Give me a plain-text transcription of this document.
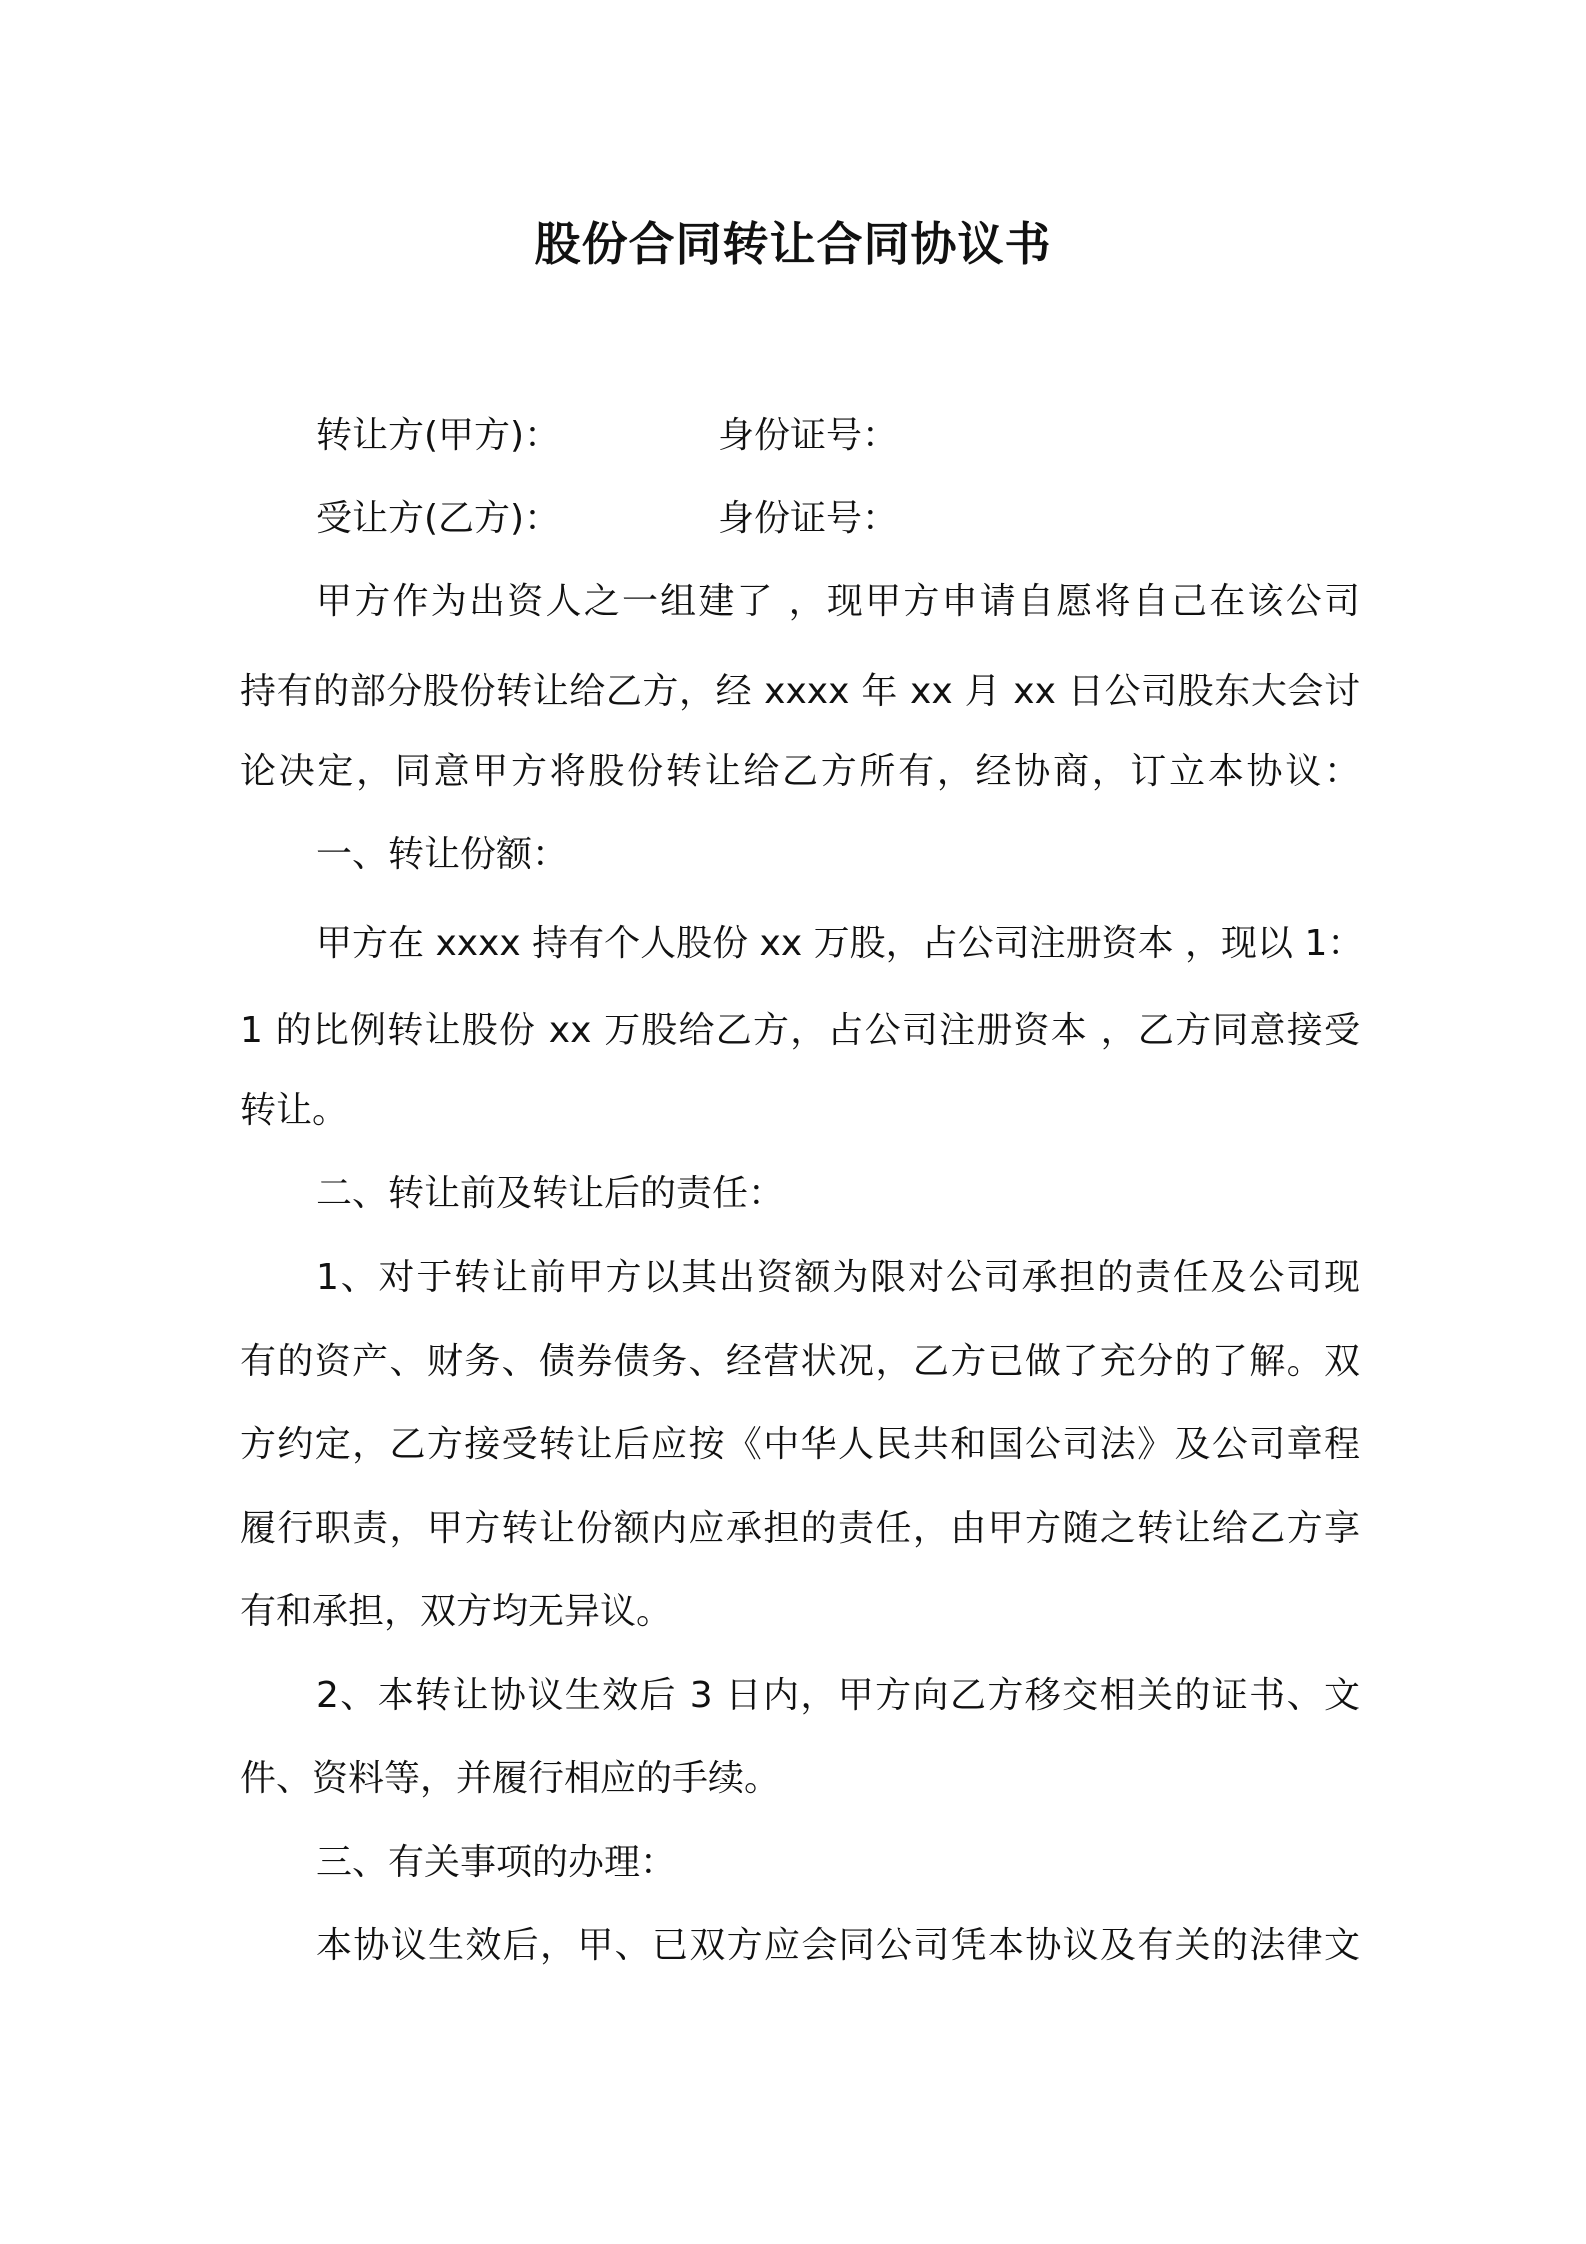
股份合同转让合同协议书
转让方(甲方)：	身份证号：
受让方(乙方)：	身份证号：

甲方作为出资人之一组建了 ，现甲方申请自愿将自己在该公司

持有的部分股份转让给乙方，经 xxxx 年 xx 月 xx 日公司股东大会讨

论决定，同意甲方将股份转让给乙方所有，经协商，订立本协议：

一、转让份额：

甲方在 xxxx 持有个人股份 xx 万股，占公司注册资本 ，现以 1：

1 的比例转让股份 xx 万股给乙方，占公司注册资本 ，乙方同意接受

转让。

二、转让前及转让后的责任：

1、对于转让前甲方以其出资额为限对公司承担的责任及公司现

有的资产、财务、债券债务、经营状况，乙方已做了充分的了解。双

方约定，乙方接受转让后应按《中华人民共和国公司法》及公司章程

履行职责，甲方转让份额内应承担的责任，由甲方随之转让给乙方享

有和承担，双方均无异议。

2、本转让协议生效后 3 日内，甲方向乙方移交相关的证书、文

件、资料等，并履行相应的手续。

三、有关事项的办理：

本协议生效后，甲、已双方应会同公司凭本协议及有关的法律文
